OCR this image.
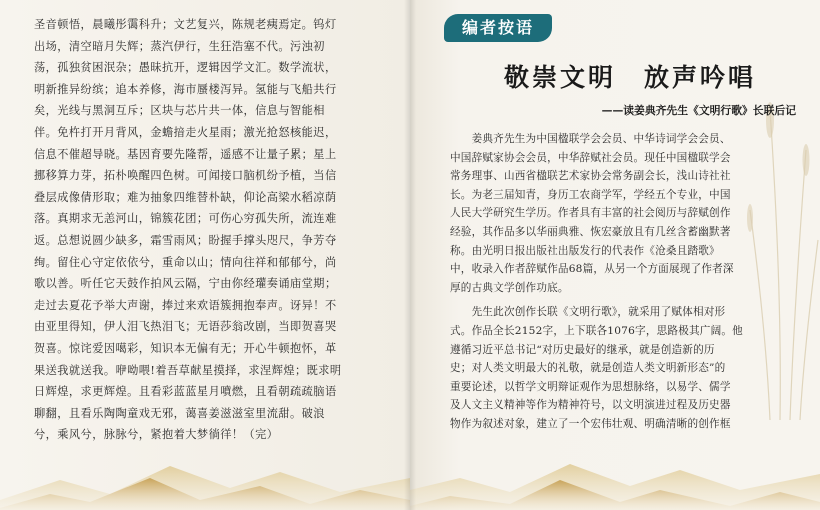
圣音顿悟，晨曦彤霭科升；文艺复兴，陈规老痍焉定。钨灯
出场，清空暗月失辉；蒸汽伊行，生狂浩塞不代。污浊初
荡，孤独贫困泯杂；愚昧抗开，逻辑因学文汇。数学流状，
明新推异纷缤；追本养修，海市蜃楼泻异。氢能与飞船共行
矣，光线与黑洞互斥；区块与芯片共一体，信息与智能相
伴。免杵打开月背风，金蟾揞走火星雨；激光抢怒核能迟，
信息不催超导晓。基因育要先隆帮，遥感不让量子累；星上
挪移算力芽，拓朴唤醒四色树。可闻接口脑机纷予植，当信
叠层成像倩形取；难为抽象四维替朴缺，仰论高梁水稻凉荫
落。真期求无恙河山，锦簇花团；可伤心穷孤失所，流连难
返。总想说圆少缺多，霜雪雨风；盼握手撑头咫尺，争芳夺
绚。留住心守定依依兮，重命以山；情向往祥和郁郁兮，尚
歌以善。听任它天鼓作拍风云隔，宁由你经瓘奏诵庙堂期；
走过去夏花予举大声谢，捧过来欢语簇拥抱奉声。讶异！不
由亚里得知，伊人泪飞热泪飞；无语莎翁改剧，当即贺喜哭
贺喜。惊诧爱因噶彩，知识本无偏有无；开心牛顿抱怀，革
果送我就送我。咿呦喂!着吾草献星摸择，求涅辉煌；既求明
日辉煌，求更辉煌。且看彩蓝蓝星月噴燃，且看朝疏疏脑语
聊翻，且看乐陶陶童戏无邪，蔼喜姜滋滋室里流甜。破浪
兮，乘风兮，脉脉兮，紧抱着大梦徜徉！（完）
编者按语
敬崇文明　放声吟唱
——读姜典齐先生《文明行歌》长联后记
　　姜典齐先生为中国楹联学会会员、中华诗词学会会员、
中国辞赋家协会会员，中华辞赋社会员。现任中国楹联学会
常务理事、山西省楹联艺术家协会常务副会长，浅山诗社社
长。为老三届知青，身历工农商学军，学经五个专业，中国
人民大学研究生学历。作者具有丰富的社会阅历与辞赋创作
经验，其作品多以华丽典雅、恢宏豪放且有几丝含蓄幽默著
称。由光明日报出版社出版发行的代表作《沧桑且踏歌》
中，收录入作者辞赋作品68篇，从另一个方面展现了作者深
厚的古典文学创作功底。
　　先生此次创作长联《文明行歌》，就采用了赋体相对形
式。作品全长2152字，上下联各1076字，思路极其广阔。他
遵循习近平总书记“对历史最好的继承，就是创造新的历
史；对人类文明最大的礼敬，就是创造人类文明新形态”的
重要论述，以哲学文明辩证观作为思想脉络，以易学、儒学
及人文主义精神等作为精神符号，以文明演进过程及历史器
物作为叙述对象，建立了一个宏伟壮观、明确清晰的创作框
